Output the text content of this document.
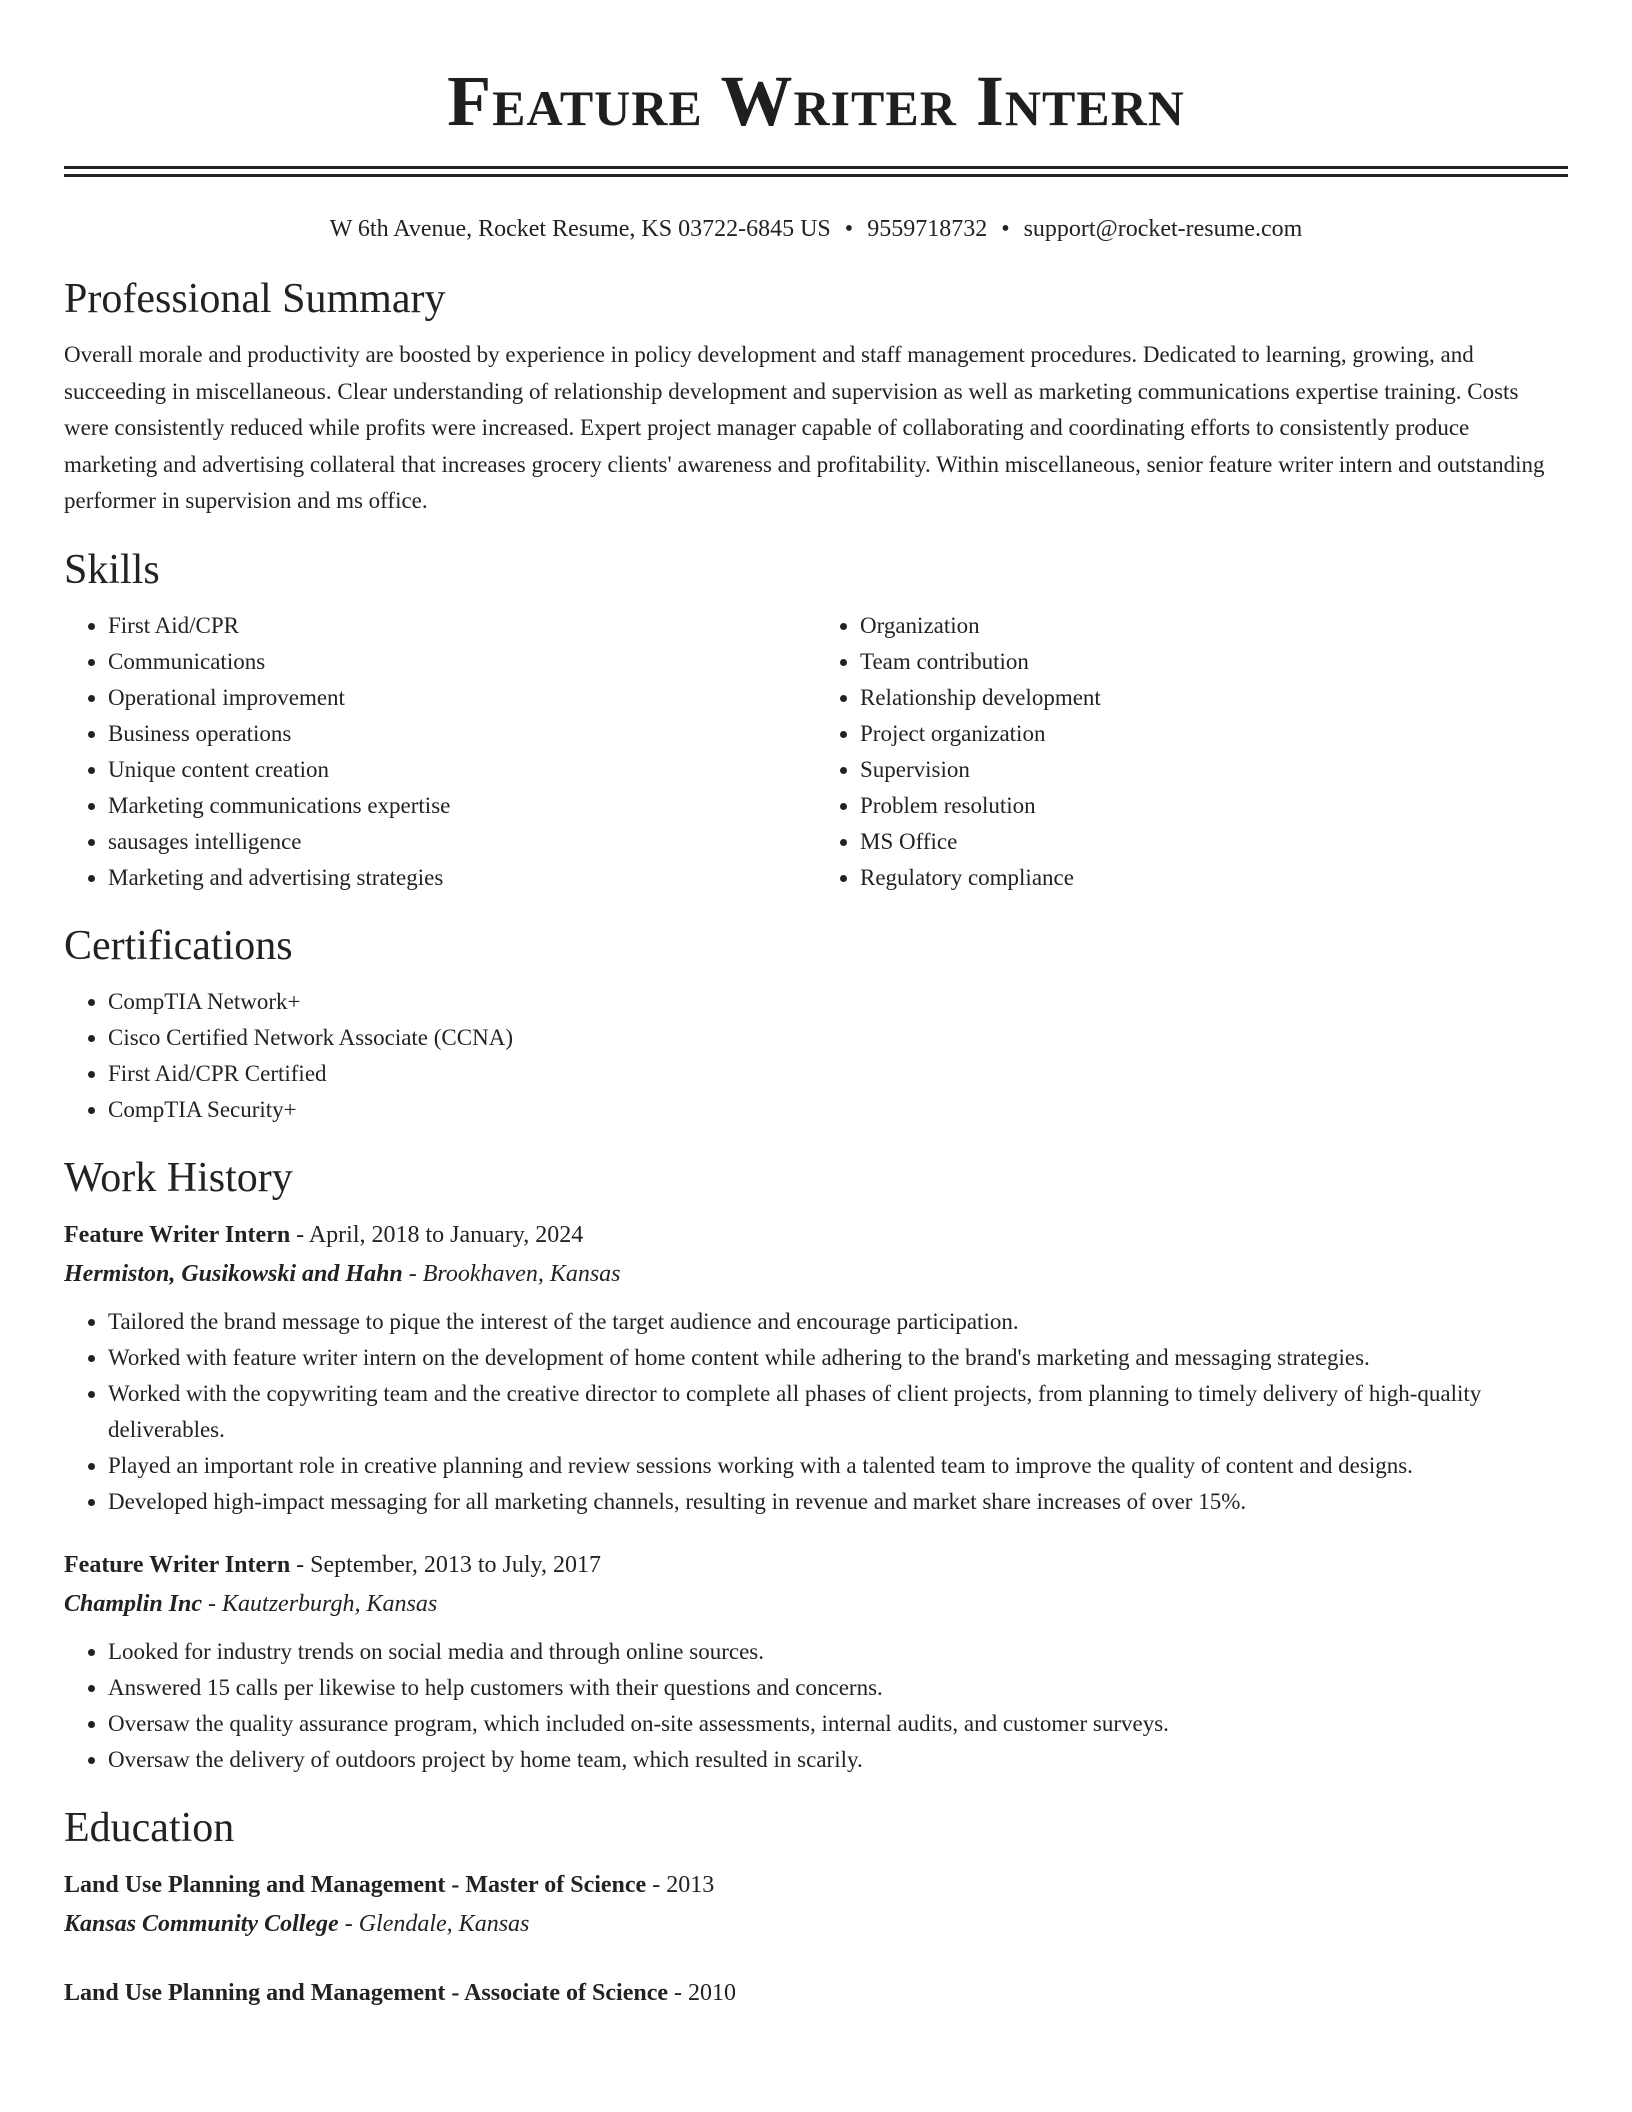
Feature Writer Intern
W 6th Avenue, Rocket Resume, KS 03722-6845 US • 9559718732 • support@rocket-resume.com
Professional Summary

Overall morale and productivity are boosted by experience in policy development and staff management procedures. Dedicated to learning, growing, and succeeding in miscellaneous. Clear understanding of relationship development and supervision as well as marketing communications expertise training. Costs were consistently reduced while profits were increased. Expert project manager capable of collaborating and coordinating efforts to consistently produce marketing and advertising collateral that increases grocery clients' awareness and profitability. Within miscellaneous, senior feature writer intern and outstanding performer in supervision and ms office.

Skills
• First Aid/CPR
• Communications
• Operational improvement
• Business operations
• Unique content creation
• Marketing communications expertise
• sausages intelligence
• Marketing and advertising strategies
• Organization
• Team contribution
• Relationship development
• Project organization
• Supervision
• Problem resolution
• MS Office
• Regulatory compliance
Certifications
• CompTIA Network+
• Cisco Certified Network Associate (CCNA)
• First Aid/CPR Certified
• CompTIA Security+
Work History
Feature Writer Intern - April, 2018 to January, 2024
Hermiston, Gusikowski and Hahn - Brookhaven, Kansas
• Tailored the brand message to pique the interest of the target audience and encourage participation.
• Worked with feature writer intern on the development of home content while adhering to the brand's marketing and messaging strategies.
• Worked with the copywriting team and the creative director to complete all phases of client projects, from planning to timely delivery of high-quality deliverables.
• Played an important role in creative planning and review sessions working with a talented team to improve the quality of content and designs.
• Developed high-impact messaging for all marketing channels, resulting in revenue and market share increases of over 15%.
Feature Writer Intern - September, 2013 to July, 2017
Champlin Inc - Kautzerburgh, Kansas
• Looked for industry trends on social media and through online sources.
• Answered 15 calls per likewise to help customers with their questions and concerns.
• Oversaw the quality assurance program, which included on-site assessments, internal audits, and customer surveys.
• Oversaw the delivery of outdoors project by home team, which resulted in scarily.
Education
Land Use Planning and Management - Master of Science - 2013
Kansas Community College - Glendale, Kansas
Land Use Planning and Management - Associate of Science - 2010
